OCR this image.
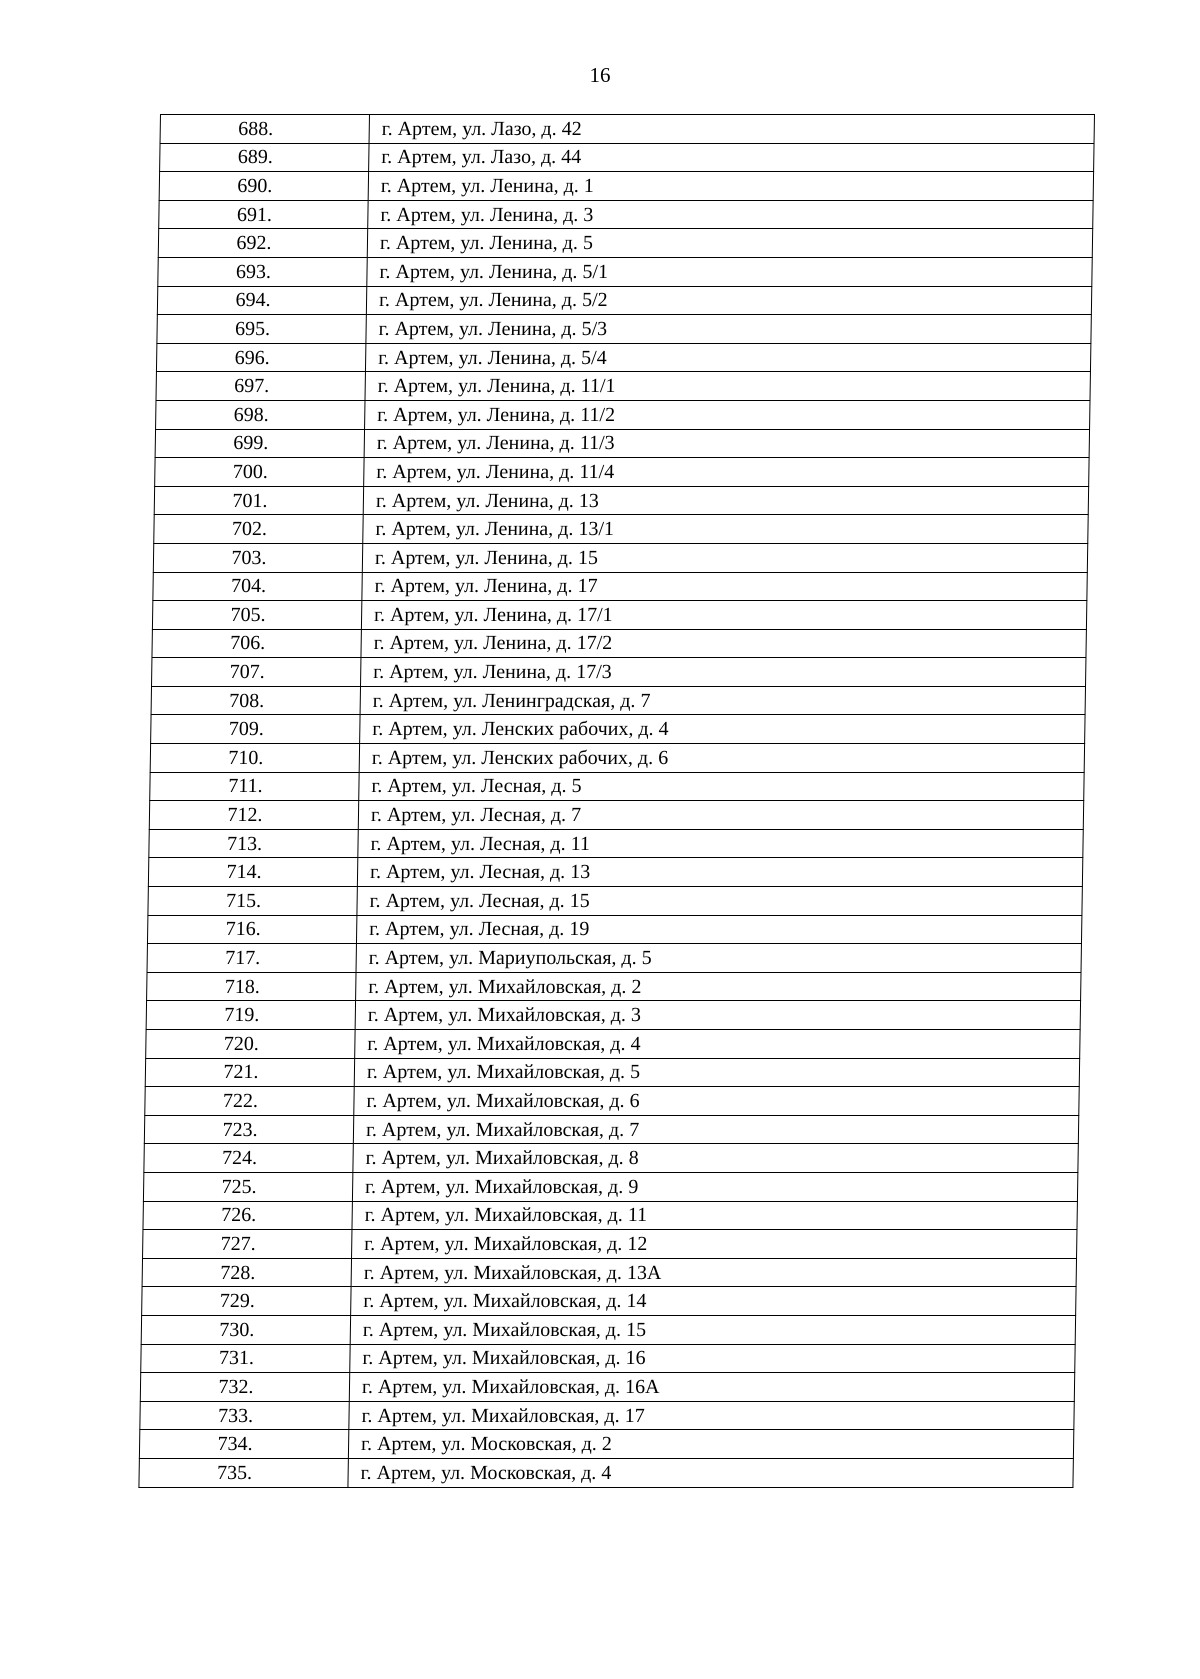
16
688.	г. Артем, ул. Лазо, д. 42
689.	г. Артем, ул. Лазо, д. 44
690.	г. Артем, ул. Ленина, д. 1
691.	г. Артем, ул. Ленина, д. 3
692.	г. Артем, ул. Ленина, д. 5
693.	г. Артем, ул. Ленина, д. 5/1
694.	г. Артем, ул. Ленина, д. 5/2
695.	г. Артем, ул. Ленина, д. 5/3
696.	г. Артем, ул. Ленина, д. 5/4
697.	г. Артем, ул. Ленина, д. 11/1
698.	г. Артем, ул. Ленина, д. 11/2
699.	г. Артем, ул. Ленина, д. 11/3
700.	г. Артем, ул. Ленина, д. 11/4
701.	г. Артем, ул. Ленина, д. 13
702.	г. Артем, ул. Ленина, д. 13/1
703.	г. Артем, ул. Ленина, д. 15
704.	г. Артем, ул. Ленина, д. 17
705.	г. Артем, ул. Ленина, д. 17/1
706.	г. Артем, ул. Ленина, д. 17/2
707.	г. Артем, ул. Ленина, д. 17/3
708.	г. Артем, ул. Ленинградская, д. 7
709.	г. Артем, ул. Ленских рабочих, д. 4
710.	г. Артем, ул. Ленских рабочих, д. 6
711.	г. Артем, ул. Лесная, д. 5
712.	г. Артем, ул. Лесная, д. 7
713.	г. Артем, ул. Лесная, д. 11
714.	г. Артем, ул. Лесная, д. 13
715.	г. Артем, ул. Лесная, д. 15
716.	г. Артем, ул. Лесная, д. 19
717.	г. Артем, ул. Мариупольская, д. 5
718.	г. Артем, ул. Михайловская, д. 2
719.	г. Артем, ул. Михайловская, д. 3
720.	г. Артем, ул. Михайловская, д. 4
721.	г. Артем, ул. Михайловская, д. 5
722.	г. Артем, ул. Михайловская, д. 6
723.	г. Артем, ул. Михайловская, д. 7
724.	г. Артем, ул. Михайловская, д. 8
725.	г. Артем, ул. Михайловская, д. 9
726.	г. Артем, ул. Михайловская, д. 11
727.	г. Артем, ул. Михайловская, д. 12
728.	г. Артем, ул. Михайловская, д. 13А
729.	г. Артем, ул. Михайловская, д. 14
730.	г. Артем, ул. Михайловская, д. 15
731.	г. Артем, ул. Михайловская, д. 16
732.	г. Артем, ул. Михайловская, д. 16А
733.	г. Артем, ул. Михайловская, д. 17
734.	г. Артем, ул. Московская, д. 2
735.	г. Артем, ул. Московская, д. 4
